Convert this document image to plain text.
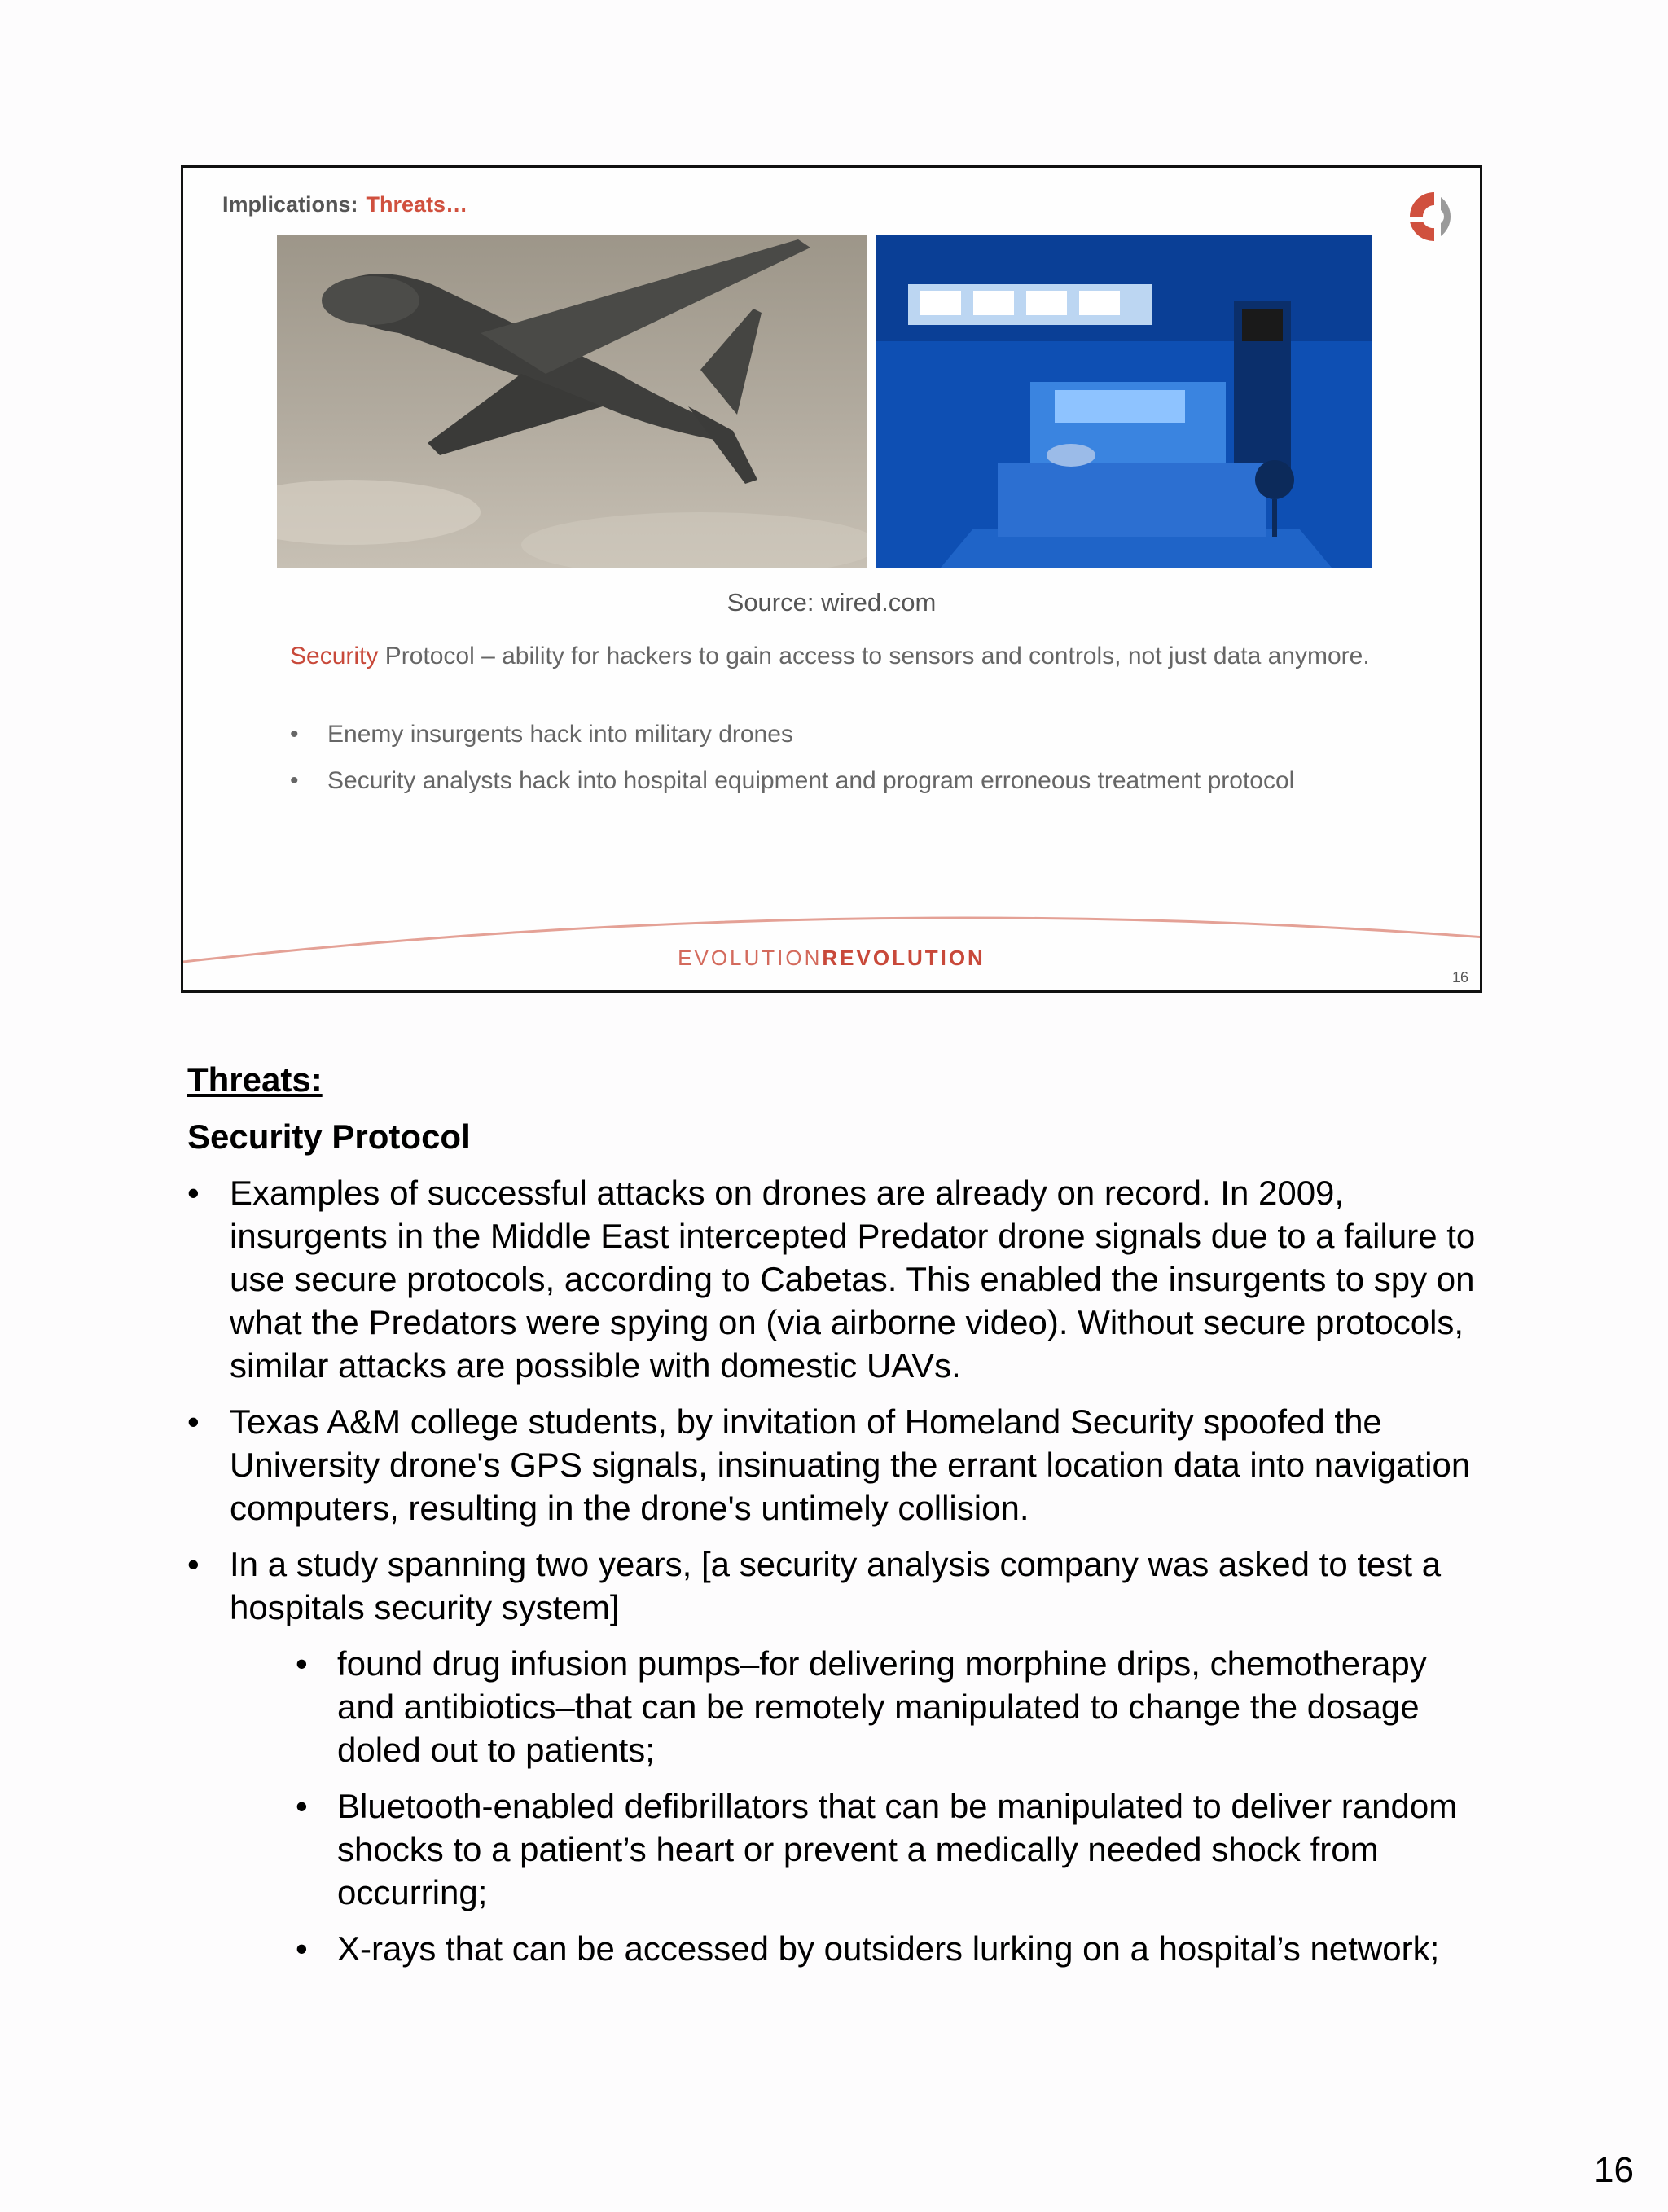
Implications: Threats…
Source: wired.com
Security Protocol – ability for hackers to gain access to sensors and controls, not just data anymore.
• Enemy insurgents hack into military drones
• Security analysts hack into hospital equipment and program erroneous treatment protocol
EVOLUTIONREVOLUTION
16
Threats:
Security Protocol
• Examples of successful attacks on drones are already on record. In 2009, insurgents in the Middle East intercepted Predator drone signals due to a failure to use secure protocols, according to Cabetas. This enabled the insurgents to spy on what the Predators were spying on (via airborne video). Without secure protocols, similar attacks are possible with domestic UAVs.
• Texas A&M college students, by invitation of Homeland Security spoofed the University drone's GPS signals, insinuating the errant location data into navigation computers, resulting in the drone's untimely collision.
• In a study spanning two years, [a security analysis company was asked to test a hospitals security system]
• found drug infusion pumps–for delivering morphine drips, chemotherapy and antibiotics–that can be remotely manipulated to change the dosage doled out to patients;
• Bluetooth-enabled defibrillators that can be manipulated to deliver random shocks to a patient’s heart or prevent a medically needed shock from occurring;
• X-rays that can be accessed by outsiders lurking on a hospital’s network;
16
